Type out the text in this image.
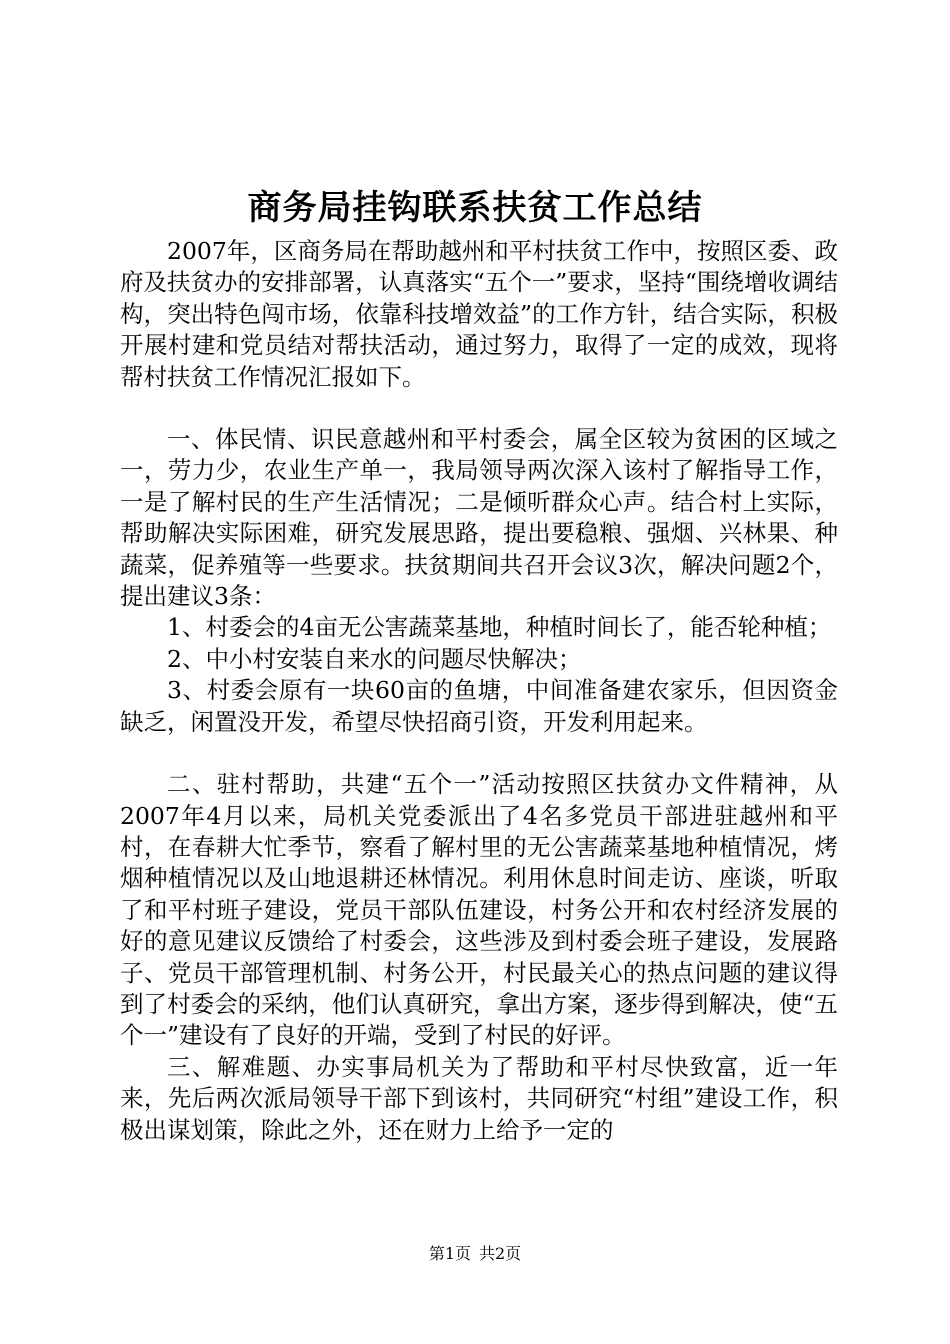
商务局挂钩联系扶贫工作总结

2007年，区商务局在帮助越州和平村扶贫工作中，按照区委、政府及扶贫办的安排部署，认真落实“五个一”要求，坚持“围绕增收调结构，突出特色闯市场，依靠科技增效益”的工作方针，结合实际，积极开展村建和党员结对帮扶活动，通过努力，取得了一定的成效，现将帮村扶贫工作情况汇报如下。

一、体民情、识民意越州和平村委会，属全区较为贫困的区域之一，劳力少，农业生产单一，我局领导两次深入该村了解指导工作，一是了解村民的生产生活情况；二是倾听群众心声。结合村上实际，帮助解决实际困难，研究发展思路，提出要稳粮、强烟、兴林果、种蔬菜，促养殖等一些要求。扶贫期间共召开会议3次，解决问题2个，提出建议3条：

1、村委会的4亩无公害蔬菜基地，种植时间长了，能否轮种植；

2、中小村安装自来水的问题尽快解决；

3、村委会原有一块60亩的鱼塘，中间准备建农家乐，但因资金缺乏，闲置没开发，希望尽快招商引资，开发利用起来。

二、驻村帮助，共建“五个一”活动按照区扶贫办文件精神，从2007年4月以来，局机关党委派出了4名多党员干部进驻越州和平村，在春耕大忙季节，察看了解村里的无公害蔬菜基地种植情况，烤烟种植情况以及山地退耕还林情况。利用休息时间走访、座谈，听取了和平村班子建设，党员干部队伍建设，村务公开和农村经济发展的好的意见建议反馈给了村委会，这些涉及到村委会班子建设，发展路子、党员干部管理机制、村务公开，村民最关心的热点问题的建议得到了村委会的采纳，他们认真研究，拿出方案，逐步得到解决，使“五个一”建设有了良好的开端，受到了村民的好评。

三、解难题、办实事局机关为了帮助和平村尽快致富，近一年来，先后两次派局领导干部下到该村，共同研究“村组”建设工作，积极出谋划策，除此之外，还在财力上给予一定的

第1页 共2页
